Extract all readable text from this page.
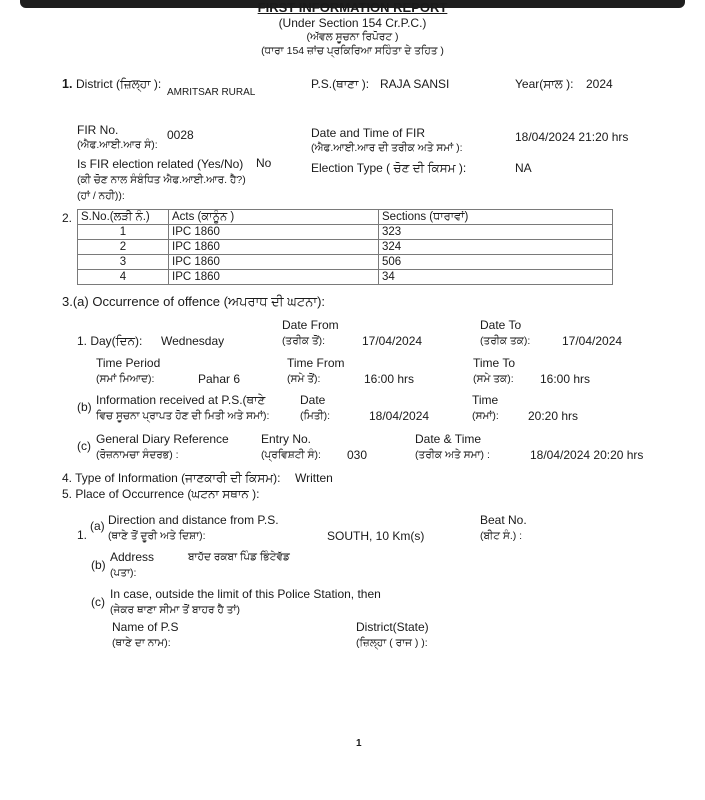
FIRST INFORMATION REPORT
(Under Section 154 Cr.P.C.)
(ਅੱਵਲ ਸੂਚਨਾ ਰਿਪੋਰਟ )
(ਧਾਰਾ 154 ਜ਼ਾਂਚ ਪ੍ਰਕਿਰਿਆ ਸਹਿੰਤਾ ਦੇ ਤਹਿਤ )
1. District (ਜ਼ਿਲ੍ਹਾ ):
AMRITSAR RURAL
P.S.(ਥਾਣਾ ): RAJA SANSI	Year(ਸਾਲ ): 2024
FIR No.
(ਐਫ.ਆਈ.ਆਰ ਸੰ):
0028	Date and Time of FIR
(ਐਫ.ਆਈ.ਆਰ ਦੀ ਤਰੀਕ ਅਤੇ ਸਮਾਂ ):
18/04/2024 21:20 hrs
Is FIR election related (Yes/No) No
(ਕੀ ਚੋਣ ਨਾਲ ਸੰਬੰਧਿਤ ਐਫ.ਆਈ.ਆਰ. ਹੈ?)
(ਹਾਂ / ਨਹੀ)):
Election Type ( ਚੋਣ ਦੀ ਕਿਸਮ ):	NA
2. S.No.(ਲੜੀ ਨੰ.)	Acts (ਕਾਨੂੰਨ )	Sections (ਧਾਰਾਵਾਂ)
1	IPC 1860	323
2	IPC 1860	324
3	IPC 1860	506
4	IPC 1860	34
3.(a) Occurrence of offence (ਅਪਰਾਧ ਦੀ ਘਟਨਾ):
Date From
(ਤਰੀਕ ਤੋਂ):	17/04/2024
Date To
(ਤਰੀਕ ਤਕ):	17/04/2024
1. Day(ਦਿਨ): Wednesday
Time Period
(ਸਮਾਂ ਮਿਆਦ):	Pahar 6
Time From
(ਸਮੇ ਤੋਂ):	16:00 hrs
Time To
(ਸਮੇ ਤਕ): 16:00 hrs
(b) Information received at P.S.(ਥਾਣੇ
ਵਿਚ ਸੂਚਨਾ ਪ੍ਰਾਪਤ ਹੋਣ ਦੀ ਮਿਤੀ ਅਤੇ ਸਮਾਂ):
Date
(ਮਿਤੀ):	18/04/2024
Time
(ਸਮਾਂ): 20:20 hrs
(c) General Diary Reference
(ਰੋਜ਼ਨਾਮਚਾ ਸੰਦਰਭ) :
Entry No.
(ਪ੍ਰਵਿਸ਼ਟੀ ਸੰ): 030
Date & Time
(ਤਰੀਕ ਅਤੇ ਸਮਾ) :	18/04/2024 20:20 hrs
4. Type of Information (ਜਾਣਕਾਰੀ ਦੀ ਕਿਸਮ): Written
5. Place of Occurrence (ਘਟਨਾ ਸਥਾਨ ):
1.
(a) Direction and distance from P.S.
(ਥਾਣੇ ਤੋਂ ਦੂਰੀ ਅਤੇ ਦਿਸ਼ਾ):	SOUTH, 10 Km(s)
Beat No.
(ਬੀਟ ਸੰ.) :
(b)
Address
(ਪਤਾ):
ਬਾਹੱਦ ਰਕਬਾ ਪਿੰਡ ਭਿੰਟੇਵੱਡ
(c)
In case, outside the limit of this Police Station, then
(ਜੇਕਰ ਥਾਣਾ ਸੀਮਾ ਤੋਂ ਬਾਹਰ ਹੈ ਤਾਂ)
Name of P.S
(ਥਾਣੇ ਦਾ ਨਾਮ):
District(State)
(ਜ਼ਿਲ੍ਹਾ ( ਰਾਜ ) ):
1
